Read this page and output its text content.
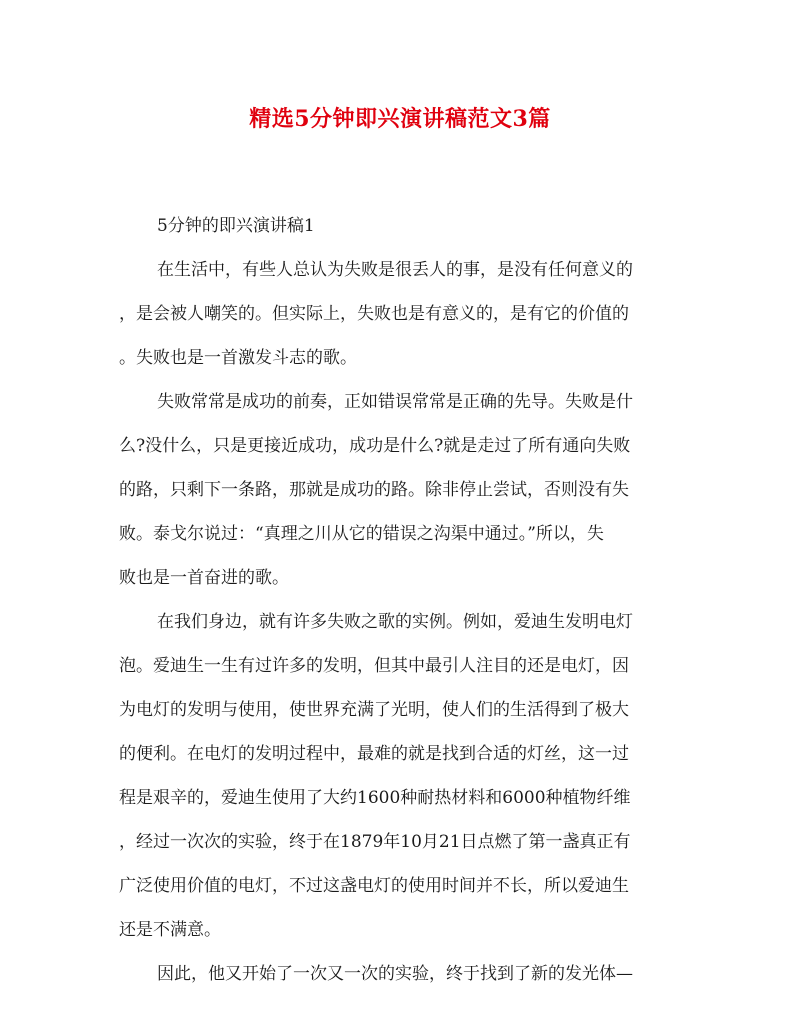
精选5分钟即兴演讲稿范文3篇

5分钟的即兴演讲稿1

在生活中，有些人总认为失败是很丢人的事，是没有任何意义的

，是会被人嘲笑的。但实际上，失败也是有意义的，是有它的价值的

。失败也是一首激发斗志的歌。

失败常常是成功的前奏，正如错误常常是正确的先导。失败是什

么?没什么，只是更接近成功，成功是什么?就是走过了所有通向失败

的路，只剩下一条路，那就是成功的路。除非停止尝试，否则没有失

败。泰戈尔说过：“真理之川从它的错误之沟渠中通过。”所以，失

败也是一首奋进的歌。

在我们身边，就有许多失败之歌的实例。例如，爱迪生发明电灯

泡。爱迪生一生有过许多的发明，但其中最引人注目的还是电灯，因

为电灯的发明与使用，使世界充满了光明，使人们的生活得到了极大

的便利。在电灯的发明过程中，最难的就是找到合适的灯丝，这一过

程是艰辛的，爱迪生使用了大约1600种耐热材料和6000种植物纤维

，经过一次次的实验，终于在1879年10月21日点燃了第一盏真正有

广泛使用价值的电灯，不过这盏电灯的使用时间并不长，所以爱迪生

还是不满意。

因此，他又开始了一次又一次的实验，终于找到了新的发光体—
